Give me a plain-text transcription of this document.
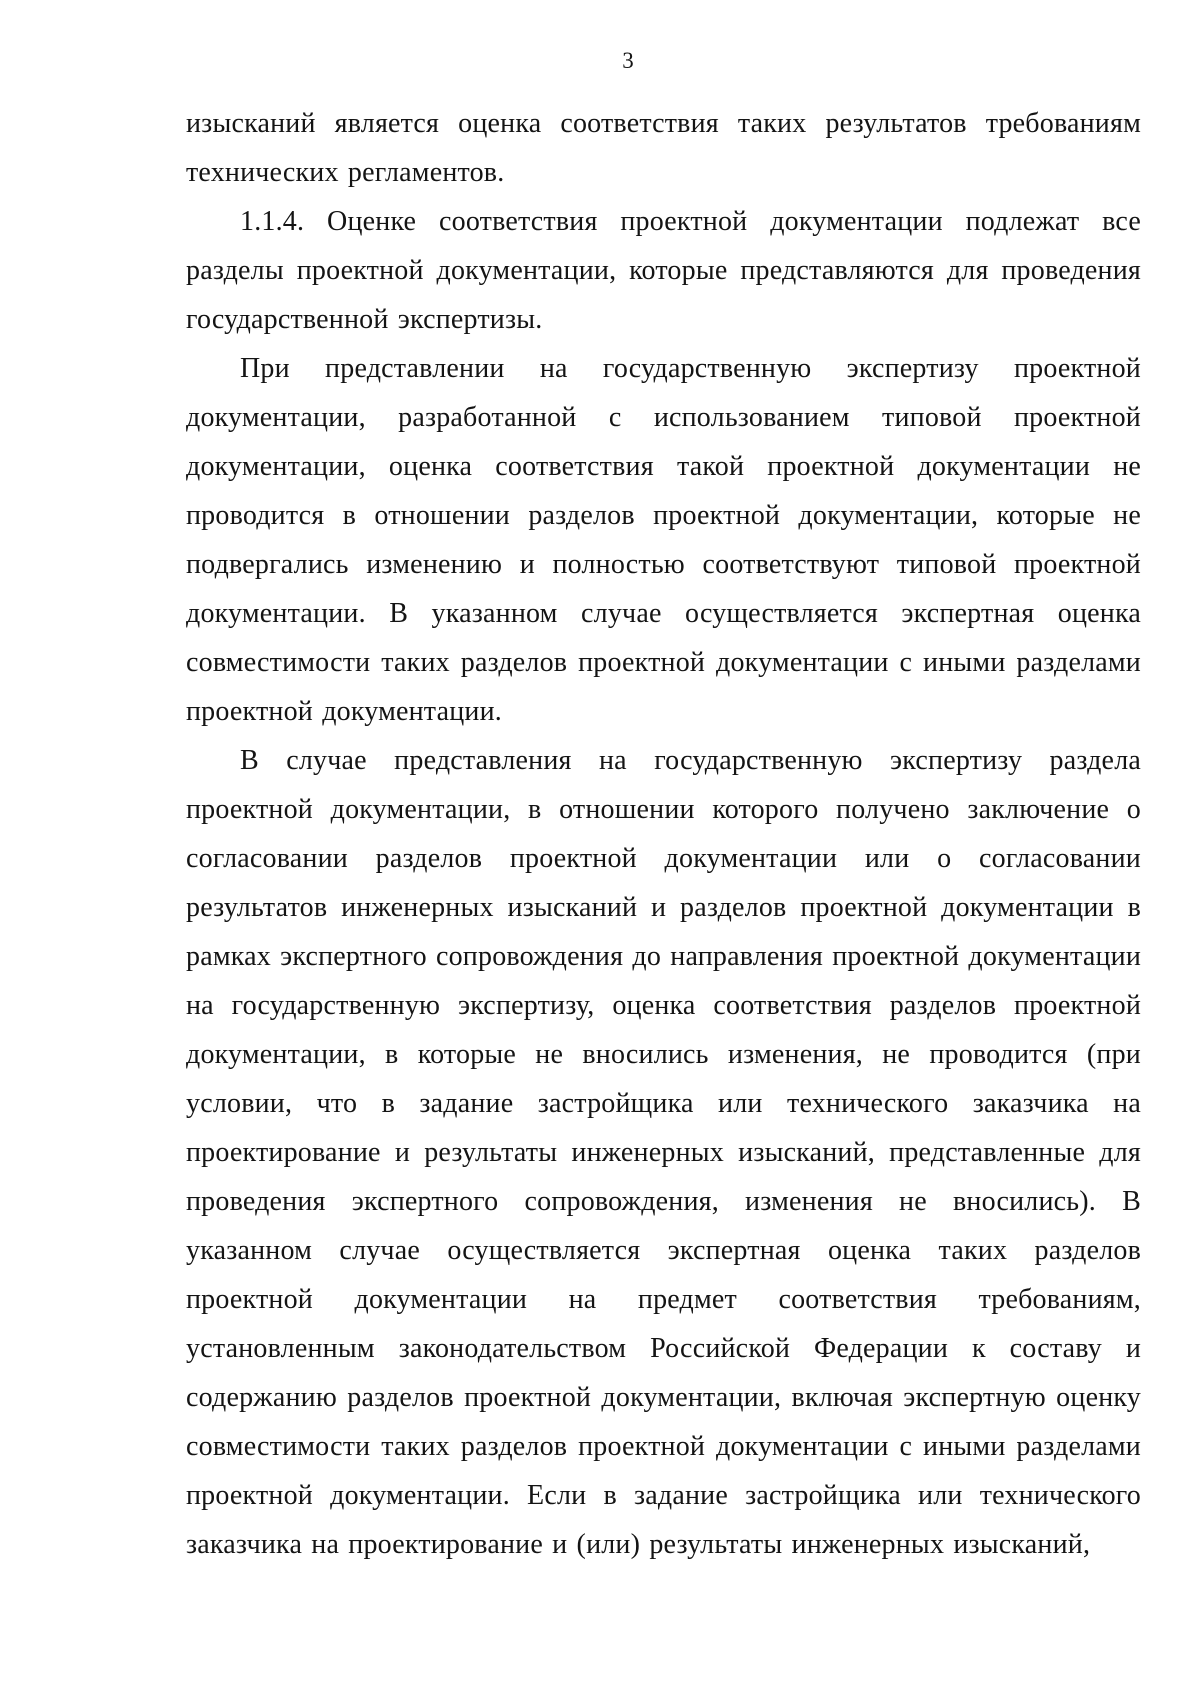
3

изысканий является оценка соответствия таких результатов требованиям технических регламентов.

1.1.4. Оценке соответствия проектной документации подлежат все разделы проектной документации, которые представляются для проведения государственной экспертизы.

При представлении на государственную экспертизу проектной документации, разработанной с использованием типовой проектной документации, оценка соответствия такой проектной документации не проводится в отношении разделов проектной документации, которые не подвергались изменению и полностью соответствуют типовой проектной документации. В указанном случае осуществляется экспертная оценка совместимости таких разделов проектной документации с иными разделами проектной документации.

В случае представления на государственную экспертизу раздела проектной документации, в отношении которого получено заключение о согласовании разделов проектной документации или о согласовании результатов инженерных изысканий и разделов проектной документации в рамках экспертного сопровождения до направления проектной документации на государственную экспертизу, оценка соответствия разделов проектной документации, в которые не вносились изменения, не проводится (при условии, что в задание застройщика или технического заказчика на проектирование и результаты инженерных изысканий, представленные для проведения экспертного сопровождения, изменения не вносились). В указанном случае осуществляется экспертная оценка таких разделов проектной документации на предмет соответствия требованиям, установленным законодательством Российской Федерации к составу и содержанию разделов проектной документации, включая экспертную оценку совместимости таких разделов проектной документации с иными разделами проектной документации. Если в задание застройщика или технического заказчика на проектирование и (или) результаты инженерных изысканий,
